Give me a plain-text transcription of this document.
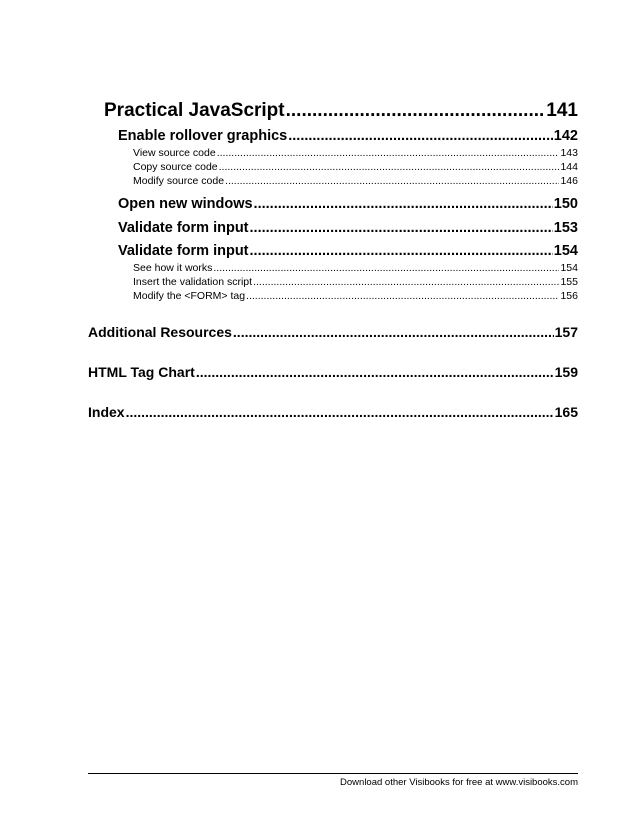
Practical JavaScript .....	141
Enable rollover graphics .....	142
View source code .....	143
Copy source code .....	144
Modify source code .....	146
Open new windows .....	150
Validate form input .....	153
Validate form input .....	154
See how it works .....	154
Insert the validation script .....	155
Modify the <FORM> tag .....	156
Additional Resources .....	157
HTML Tag Chart .....	159
Index .....	165
Download other Visibooks for free at www.visibooks.com
